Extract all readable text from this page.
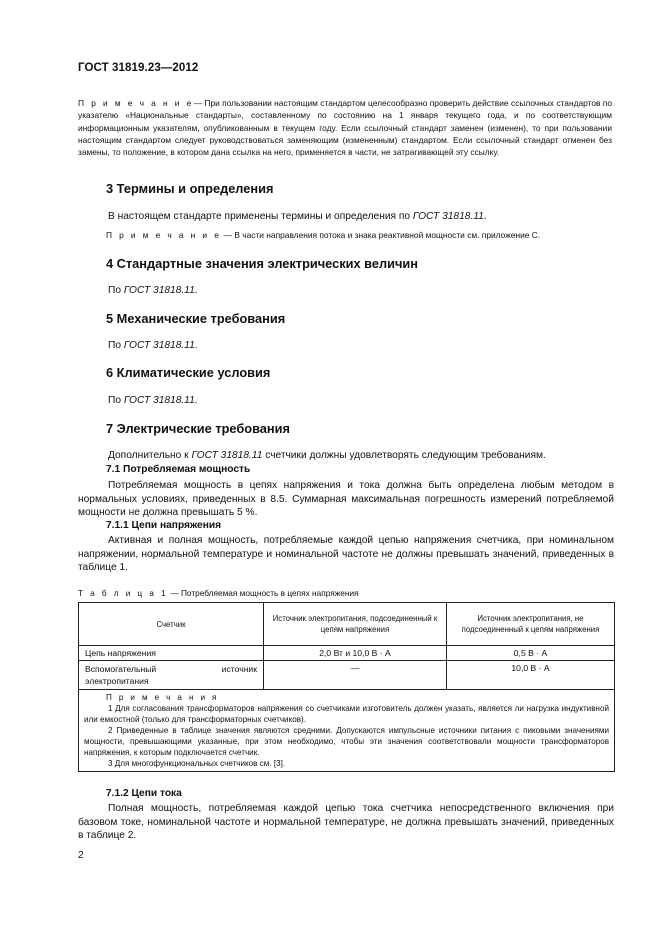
ГОСТ 31819.23—2012
П р и м е ч а н и е— При пользовании настоящим стандартом целесообразно проверить действие ссылочных стандартов по указателю «Национальные стандарты», составленному по состоянию на 1 января текущего года, и по соответствующим информационным указателям, опубликованным в текущем году. Если ссылочный стандарт заменен (изменен), то при пользовании настоящим стандартом следует руководствоваться заменяющим (измененным) стандартом. Если ссылочный стандарт отменен без замены, то положение, в котором дана ссылка на него, применяется в части, не затрагивающей эту ссылку.
3 Термины и определения
В настоящем стандарте применены термины и определения по ГОСТ 31818.11.
П р и м е ч а н и е — В части направления потока и знака реактивной мощности см. приложение С.
4 Стандартные значения электрических величин
По ГОСТ 31818.11.
5 Механические требования
По ГОСТ 31818.11.
6 Климатические условия
По ГОСТ 31818.11.
7 Электрические требования
Дополнительно к ГОСТ 31818.11 счетчики должны удовлетворять следующим требованиям.
7.1 Потребляемая мощность
Потребляемая мощность в цепях напряжения и тока должна быть определена любым методом в нормальных условиях, приведенных в 8.5. Суммарная максимальная погрешность измерений потребляемой мощности не должна превышать 5 %.
7.1.1 Цепи напряжения
Активная и полная мощность, потребляемые каждой цепью напряжения счетчика, при номинальном напряжении, нормальной температуре и номинальной частоте не должны превышать значений, приведенных в таблице 1.
Т а б л и ц а 1 — Потребляемая мощность в цепях напряжения
Счетчик	Источник электропитания, подсоединенный к цепям напряжения	Источник электропитания, не подсоединенный к цепям напряжения
Цепь напряжения	2,0 Вт и 10,0 В · А	0,5 В · А
Вспомогательный источник электропитания	—	10,0 В · А

П р и м е ч а н и я
1 Для согласования трансформаторов напряжения со счетчиками изготовитель должен указать, является ли нагрузка индуктивной или емкостной (только для трансформаторных счетчиков).
2 Приведенные в таблице значения являются средними. Допускаются импульсные источники питания с пиковыми значениями мощности, превышающими указанные, при этом необходимо, чтобы эти значения соответствовали мощности трансформаторов напряжения, к которым подключается счетчик.
3 Для многофункциональных счетчиков см. [3].		
7.1.2 Цепи тока
Полная мощность, потребляемая каждой цепью тока счетчика непосредственного включения при базовом токе, номинальной частоте и нормальной температуре, не должна превышать значений, приведенных в таблице 2.
2
